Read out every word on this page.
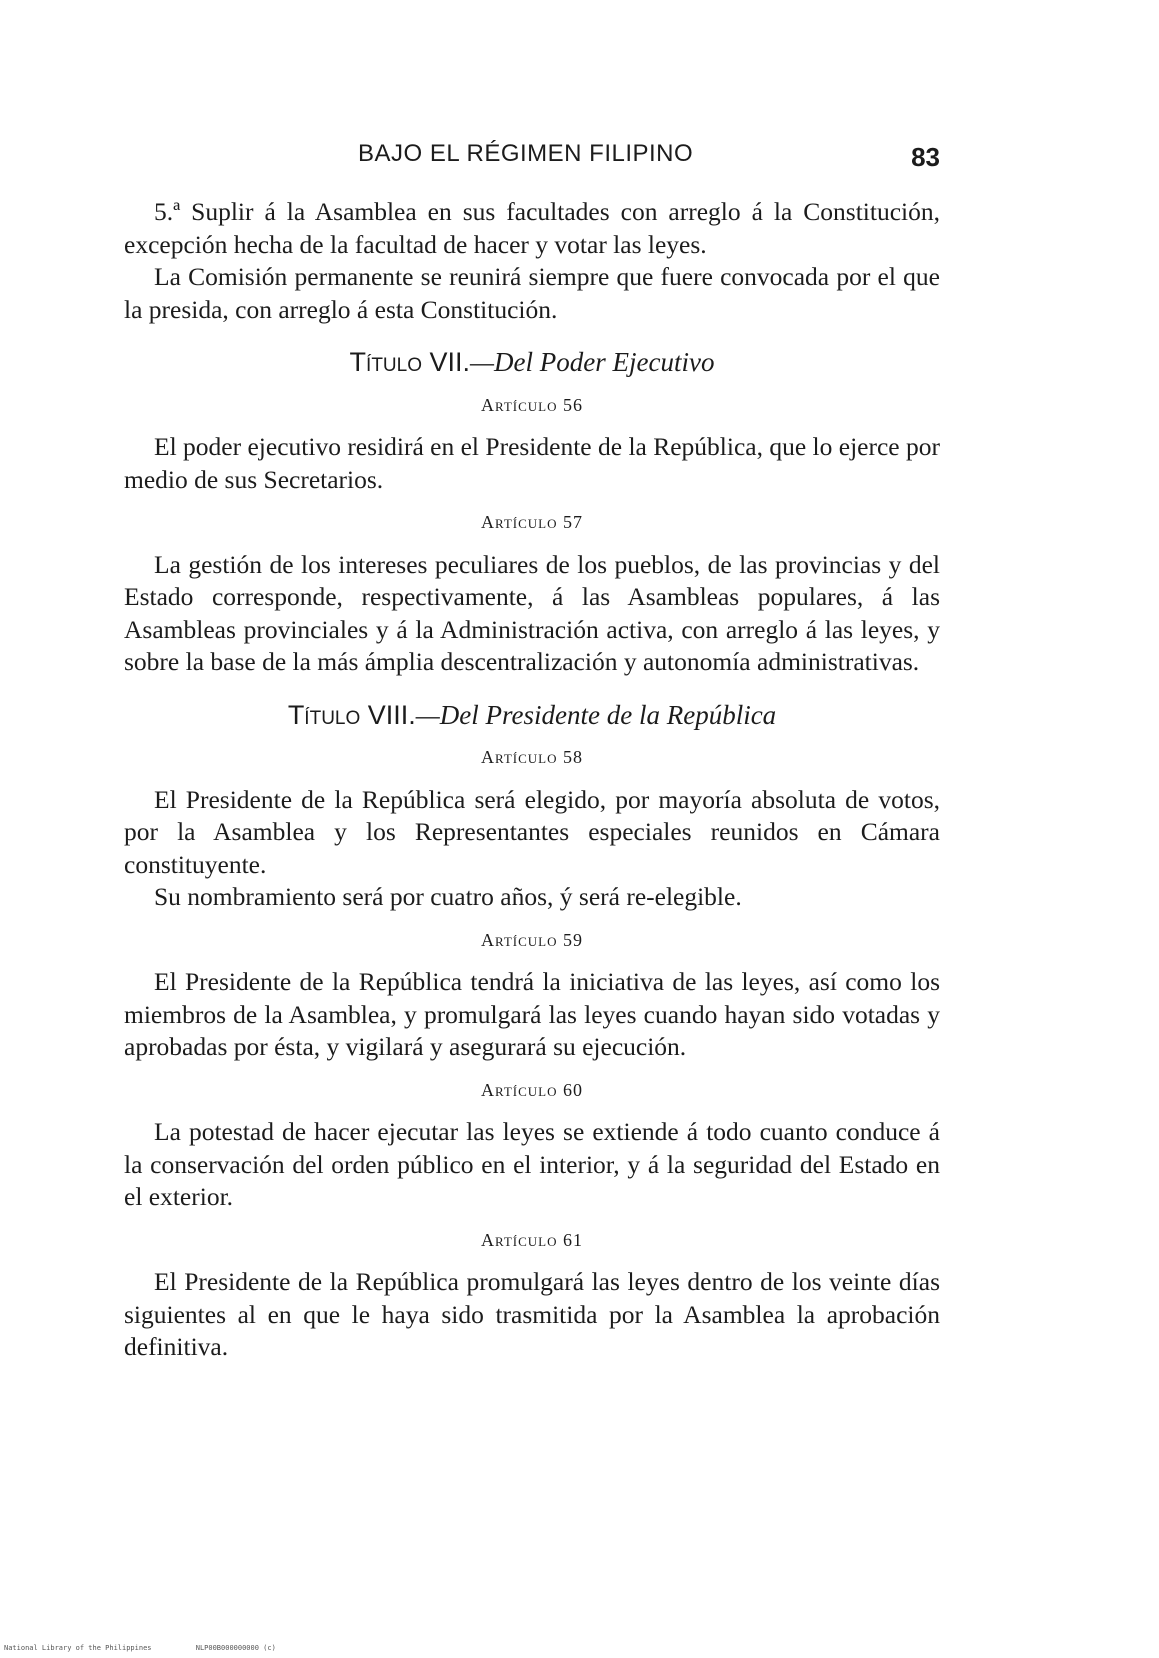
BAJO EL RÉGIMEN FILIPINO	83

5.ª Suplir á la Asamblea en sus facultades con arreglo á la Constitución, excepción hecha de la facultad de hacer y votar las leyes.

La Comisión permanente se reunirá siempre que fuere convocada por el que la presida, con arreglo á esta Constitución.

Título VII.—Del Poder Ejecutivo
Artículo 56

El poder ejecutivo residirá en el Presidente de la República, que lo ejerce por medio de sus Secretarios.

Artículo 57

La gestión de los intereses peculiares de los pueblos, de las provincias y del Estado corresponde, respectivamente, á las Asambleas populares, á las Asambleas provinciales y á la Administración activa, con arreglo á las leyes, y sobre la base de la más ámplia descentralización y autonomía administrativas.

Título VIII.—Del Presidente de la República
Artículo 58

El Presidente de la República será elegido, por mayoría absoluta de votos, por la Asamblea y los Representantes especiales reunidos en Cámara constituyente.

Su nombramiento será por cuatro años, ý será re-elegible.

Artículo 59

El Presidente de la República tendrá la iniciativa de las leyes, así como los miembros de la Asamblea, y promulgará las leyes cuando hayan sido votadas y aprobadas por ésta, y vigilará y asegurará su ejecución.

Artículo 60

La potestad de hacer ejecutar las leyes se extiende á todo cuanto conduce á la conservación del orden público en el interior, y á la seguridad del Estado en el exterior.

Artículo 61

El Presidente de la República promulgará las leyes dentro de los veinte días siguientes al en que le haya sido trasmitida por la Asamblea la aprobación definitiva.

National Library of the Philippines	NLP00B000000000 (c)
